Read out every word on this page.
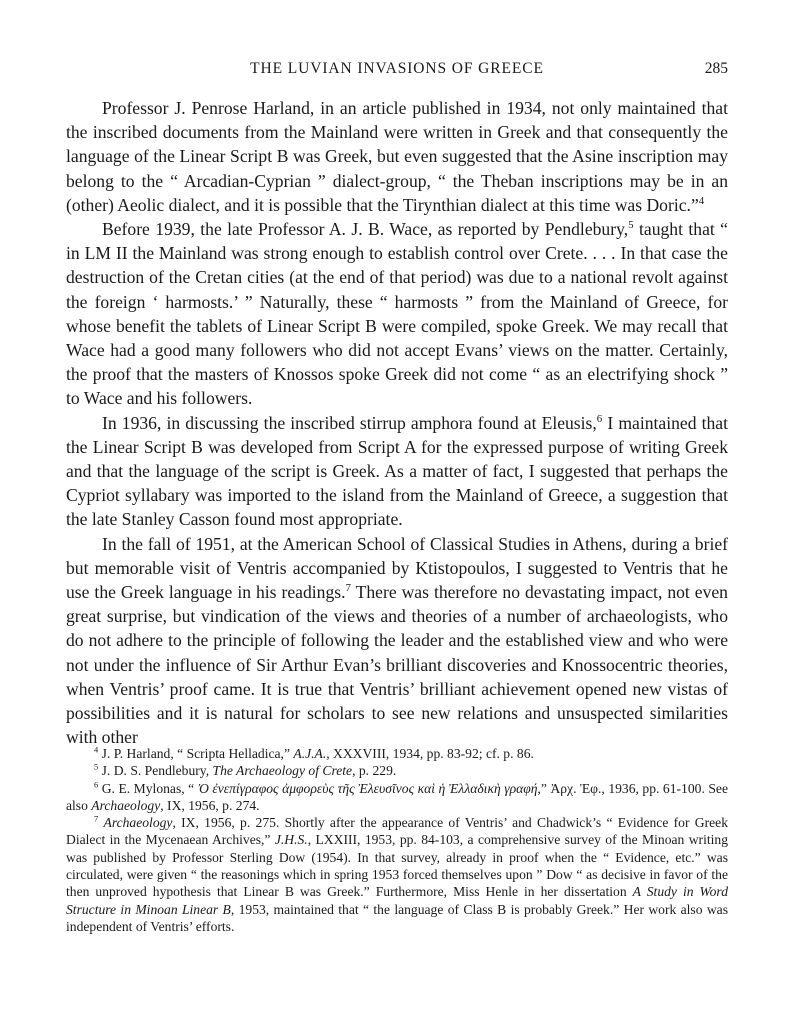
THE LUVIAN INVASIONS OF GREECE	285

Professor J. Penrose Harland, in an article published in 1934, not only maintained that the inscribed documents from the Mainland were written in Greek and that consequently the language of the Linear Script B was Greek, but even suggested that the Asine inscription may belong to the “ Arcadian-Cyprian ” dialect-group, “ the Theban inscriptions may be in an (other) Aeolic dialect, and it is possible that the Tirynthian dialect at this time was Doric.”$^4$

Before 1939, the late Professor A. J. B. Wace, as reported by Pendlebury,$^5$ taught that “ in LM II the Mainland was strong enough to establish control over Crete. . . . In that case the destruction of the Cretan cities (at the end of that period) was due to a national revolt against the foreign ‘ harmosts.’ ” Naturally, these “ harmosts ” from the Mainland of Greece, for whose benefit the tablets of Linear Script B were compiled, spoke Greek. We may recall that Wace had a good many followers who did not accept Evans’ views on the matter. Certainly, the proof that the masters of Knossos spoke Greek did not come “ as an electrifying shock ” to Wace and his followers.

In 1936, in discussing the inscribed stirrup amphora found at Eleusis,$^6$ I maintained that the Linear Script B was developed from Script A for the expressed purpose of writing Greek and that the language of the script is Greek. As a matter of fact, I suggested that perhaps the Cypriot syllabary was imported to the island from the Mainland of Greece, a suggestion that the late Stanley Casson found most appropriate.

In the fall of 1951, at the American School of Classical Studies in Athens, during a brief but memorable visit of Ventris accompanied by Ktistopoulos, I suggested to Ventris that he use the Greek language in his readings.$^7$ There was therefore no devastating impact, not even great surprise, but vindication of the views and theories of a number of archaeologists, who do not adhere to the principle of following the leader and the established view and who were not under the influence of Sir Arthur Evan’s brilliant discoveries and Knossocentric theories, when Ventris’ proof came. It is true that Ventris’ brilliant achievement opened new vistas of possibilities and it is natural for scholars to see new relations and unsuspected similarities with other

$^4$ J. P. Harland, “ Scripta Helladica,” A.J.A., XXXVIII, 1934, pp. 83-92; cf. p. 86.

$^5$ J. D. S. Pendlebury, The Archaeology of Crete, p. 229.

$^6$ G. E. Mylonas, “ Ὀ ἐνεπίγραφος ἀμφορεὺς τῆς Ἐλευσῖνος καὶ ἡ Ἐλλαδικὴ γραφή,” Ἀρχ. Ἐφ., 1936, pp. 61-100. See also Archaeology, IX, 1956, p. 274.

$^7$ Archaeology, IX, 1956, p. 275. Shortly after the appearance of Ventris’ and Chadwick’s “ Evidence for Greek Dialect in the Mycenaean Archives,” J.H.S., LXXIII, 1953, pp. 84-103, a comprehensive survey of the Minoan writing was published by Professor Sterling Dow (1954). In that survey, already in proof when the “ Evidence, etc.” was circulated, were given “ the reasonings which in spring 1953 forced themselves upon ” Dow “ as decisive in favor of the then unproved hypothesis that Linear B was Greek.” Furthermore, Miss Henle in her dissertation A Study in Word Structure in Minoan Linear B, 1953, maintained that “ the language of Class B is probably Greek.” Her work also was independent of Ventris’ efforts.
